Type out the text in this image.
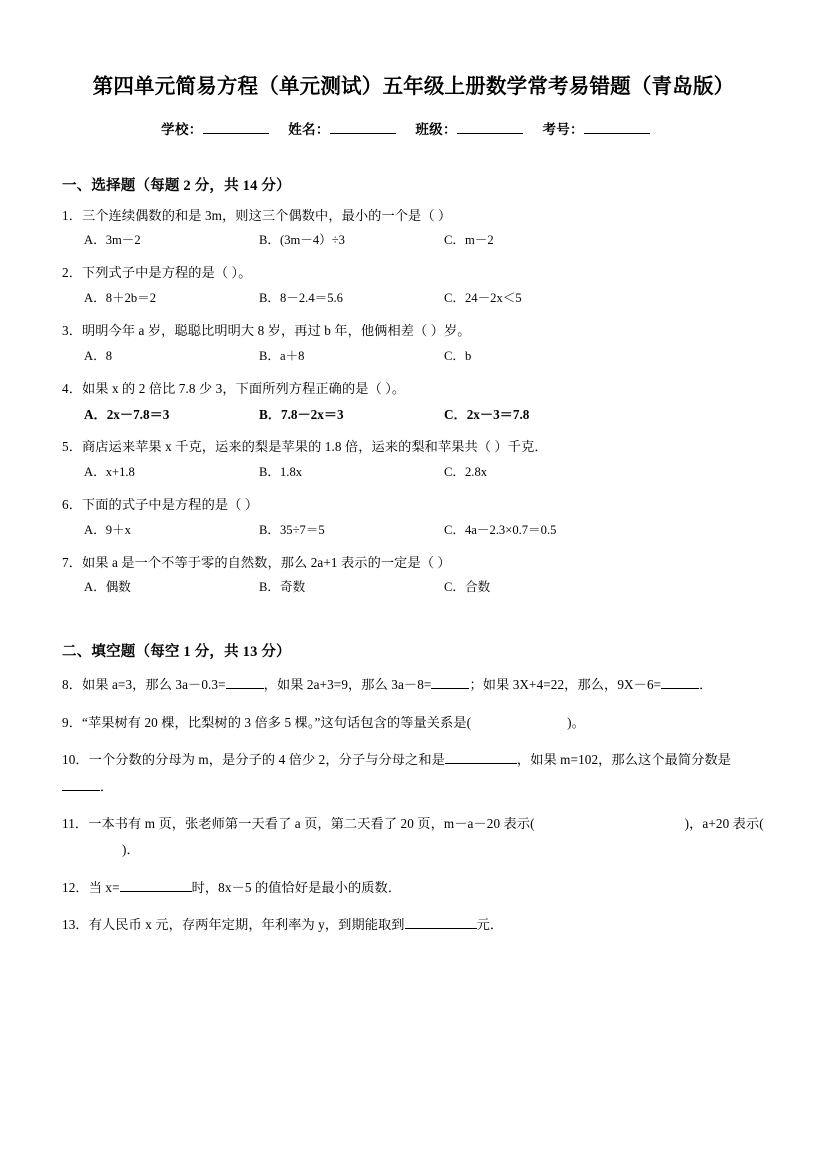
第四单元简易方程（单元测试）五年级上册数学常考易错题（青岛版）
学校：	姓名：	班级：	考号：
一、选择题（每题 2 分，共 14 分）
1．三个连续偶数的和是 3m，则这三个偶数中，最小的一个是（ ）
A．3m－2	B．(3m－4）÷3	C．m－2
2．下列式子中是方程的是（ ）。
A．8＋2b＝2	B．8－2.4＝5.6	C．24－2x＜5
3．明明今年 a 岁，聪聪比明明大 8 岁，再过 b 年，他俩相差（ ）岁。
A．8	B．a＋8	C．b
4．如果 x 的 2 倍比 7.8 少 3，下面所列方程正确的是（ ）。
A．2x－7.8＝3	B．7.8－2x＝3	C．2x－3＝7.8
5．商店运来苹果 x 千克，运来的梨是苹果的 1.8 倍，运来的梨和苹果共（ ）千克．
A．x+1.8	B．1.8x	C．2.8x
6．下面的式子中是方程的是（ ）
A．9＋x	B．35÷7＝5	C．4a－2.3×0.7＝0.5
7．如果 a 是一个不等于零的自然数，那么 2a+1 表示的一定是（ ）
A．偶数	B．奇数	C．合数
二、填空题（每空 1 分，共 13 分）
8．如果 a=3，那么 3a－0.3=	，如果 2a+3=9，那么 3a－8=	；如果 3X+4=22，那么，9X－6=	．
9．“苹果树有 20 棵，比梨树的 3 倍多 5 棵。”这句话包含的等量关系是(	)。
10．一个分数的分母为 m，是分子的 4 倍少 2，分子与分母之和是	，如果 m=102，那么这个最简分数是．
11．一本书有 m 页，张老师第一天看了 a 页，第二天看了 20 页，m－a－20 表示(	)，a+20 表示()．
12．当 x=	时，8x－5 的值恰好是最小的质数．
13．有人民币 x 元，存两年定期，年利率为 y，到期能取到	元．
